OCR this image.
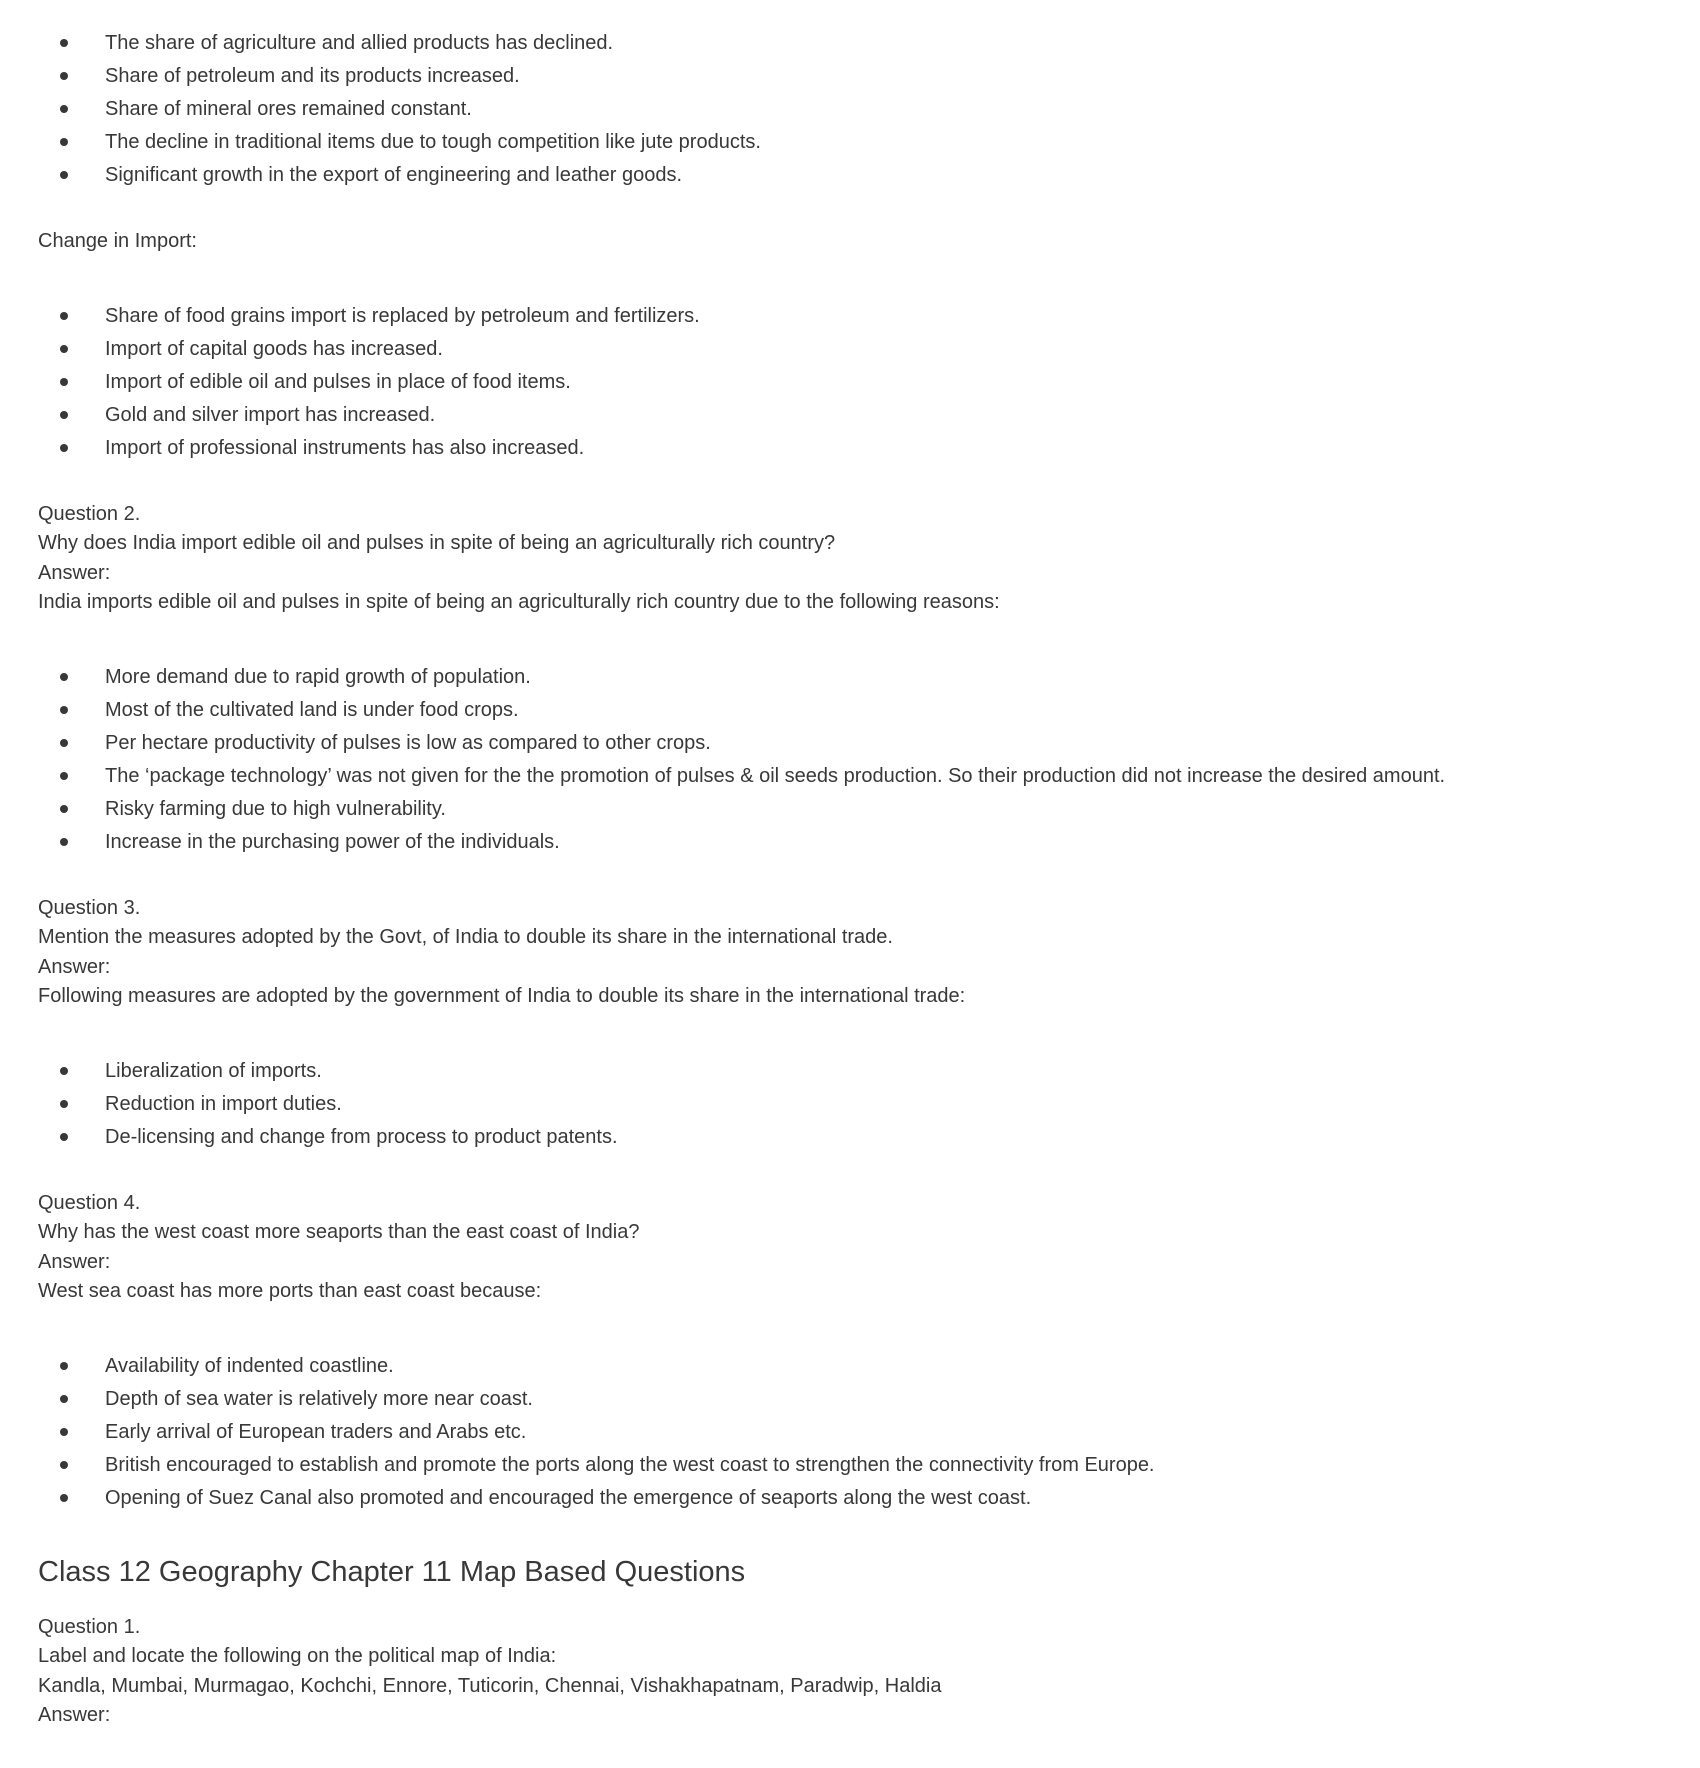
The share of agriculture and allied products has declined.
Share of petroleum and its products increased.
Share of mineral ores remained constant.
The decline in traditional items due to tough competition like jute products.
Significant growth in the export of engineering and leather goods.

Change in Import:

Share of food grains import is replaced by petroleum and fertilizers.
Import of capital goods has increased.
Import of edible oil and pulses in place of food items.
Gold and silver import has increased.
Import of professional instruments has also increased.

Question 2.
Why does India import edible oil and pulses in spite of being an agriculturally rich country?
Answer:
India imports edible oil and pulses in spite of being an agriculturally rich country due to the following reasons:

More demand due to rapid growth of population.
Most of the cultivated land is under food crops.
Per hectare productivity of pulses is low as compared to other crops.
The ‘package technology’ was not given for the the promotion of pulses & oil seeds production. So their production did not increase the desired amount.
Risky farming due to high vulnerability.
Increase in the purchasing power of the individuals.

Question 3.
Mention the measures adopted by the Govt, of India to double its share in the international trade.
Answer:
Following measures are adopted by the government of India to double its share in the international trade:

Liberalization of imports.
Reduction in import duties.
De-licensing and change from process to product patents.

Question 4.
Why has the west coast more seaports than the east coast of India?
Answer:
West sea coast has more ports than east coast because:

Availability of indented coastline.
Depth of sea water is relatively more near coast.
Early arrival of European traders and Arabs etc.
British encouraged to establish and promote the ports along the west coast to strengthen the connectivity from Europe.
Opening of Suez Canal also promoted and encouraged the emergence of seaports along the west coast.
Class 12 Geography Chapter 11 Map Based Questions

Question 1.
Label and locate the following on the political map of India:
Kandla, Mumbai, Murmagao, Kochchi, Ennore, Tuticorin, Chennai, Vishakhapatnam, Paradwip, Haldia
Answer:
